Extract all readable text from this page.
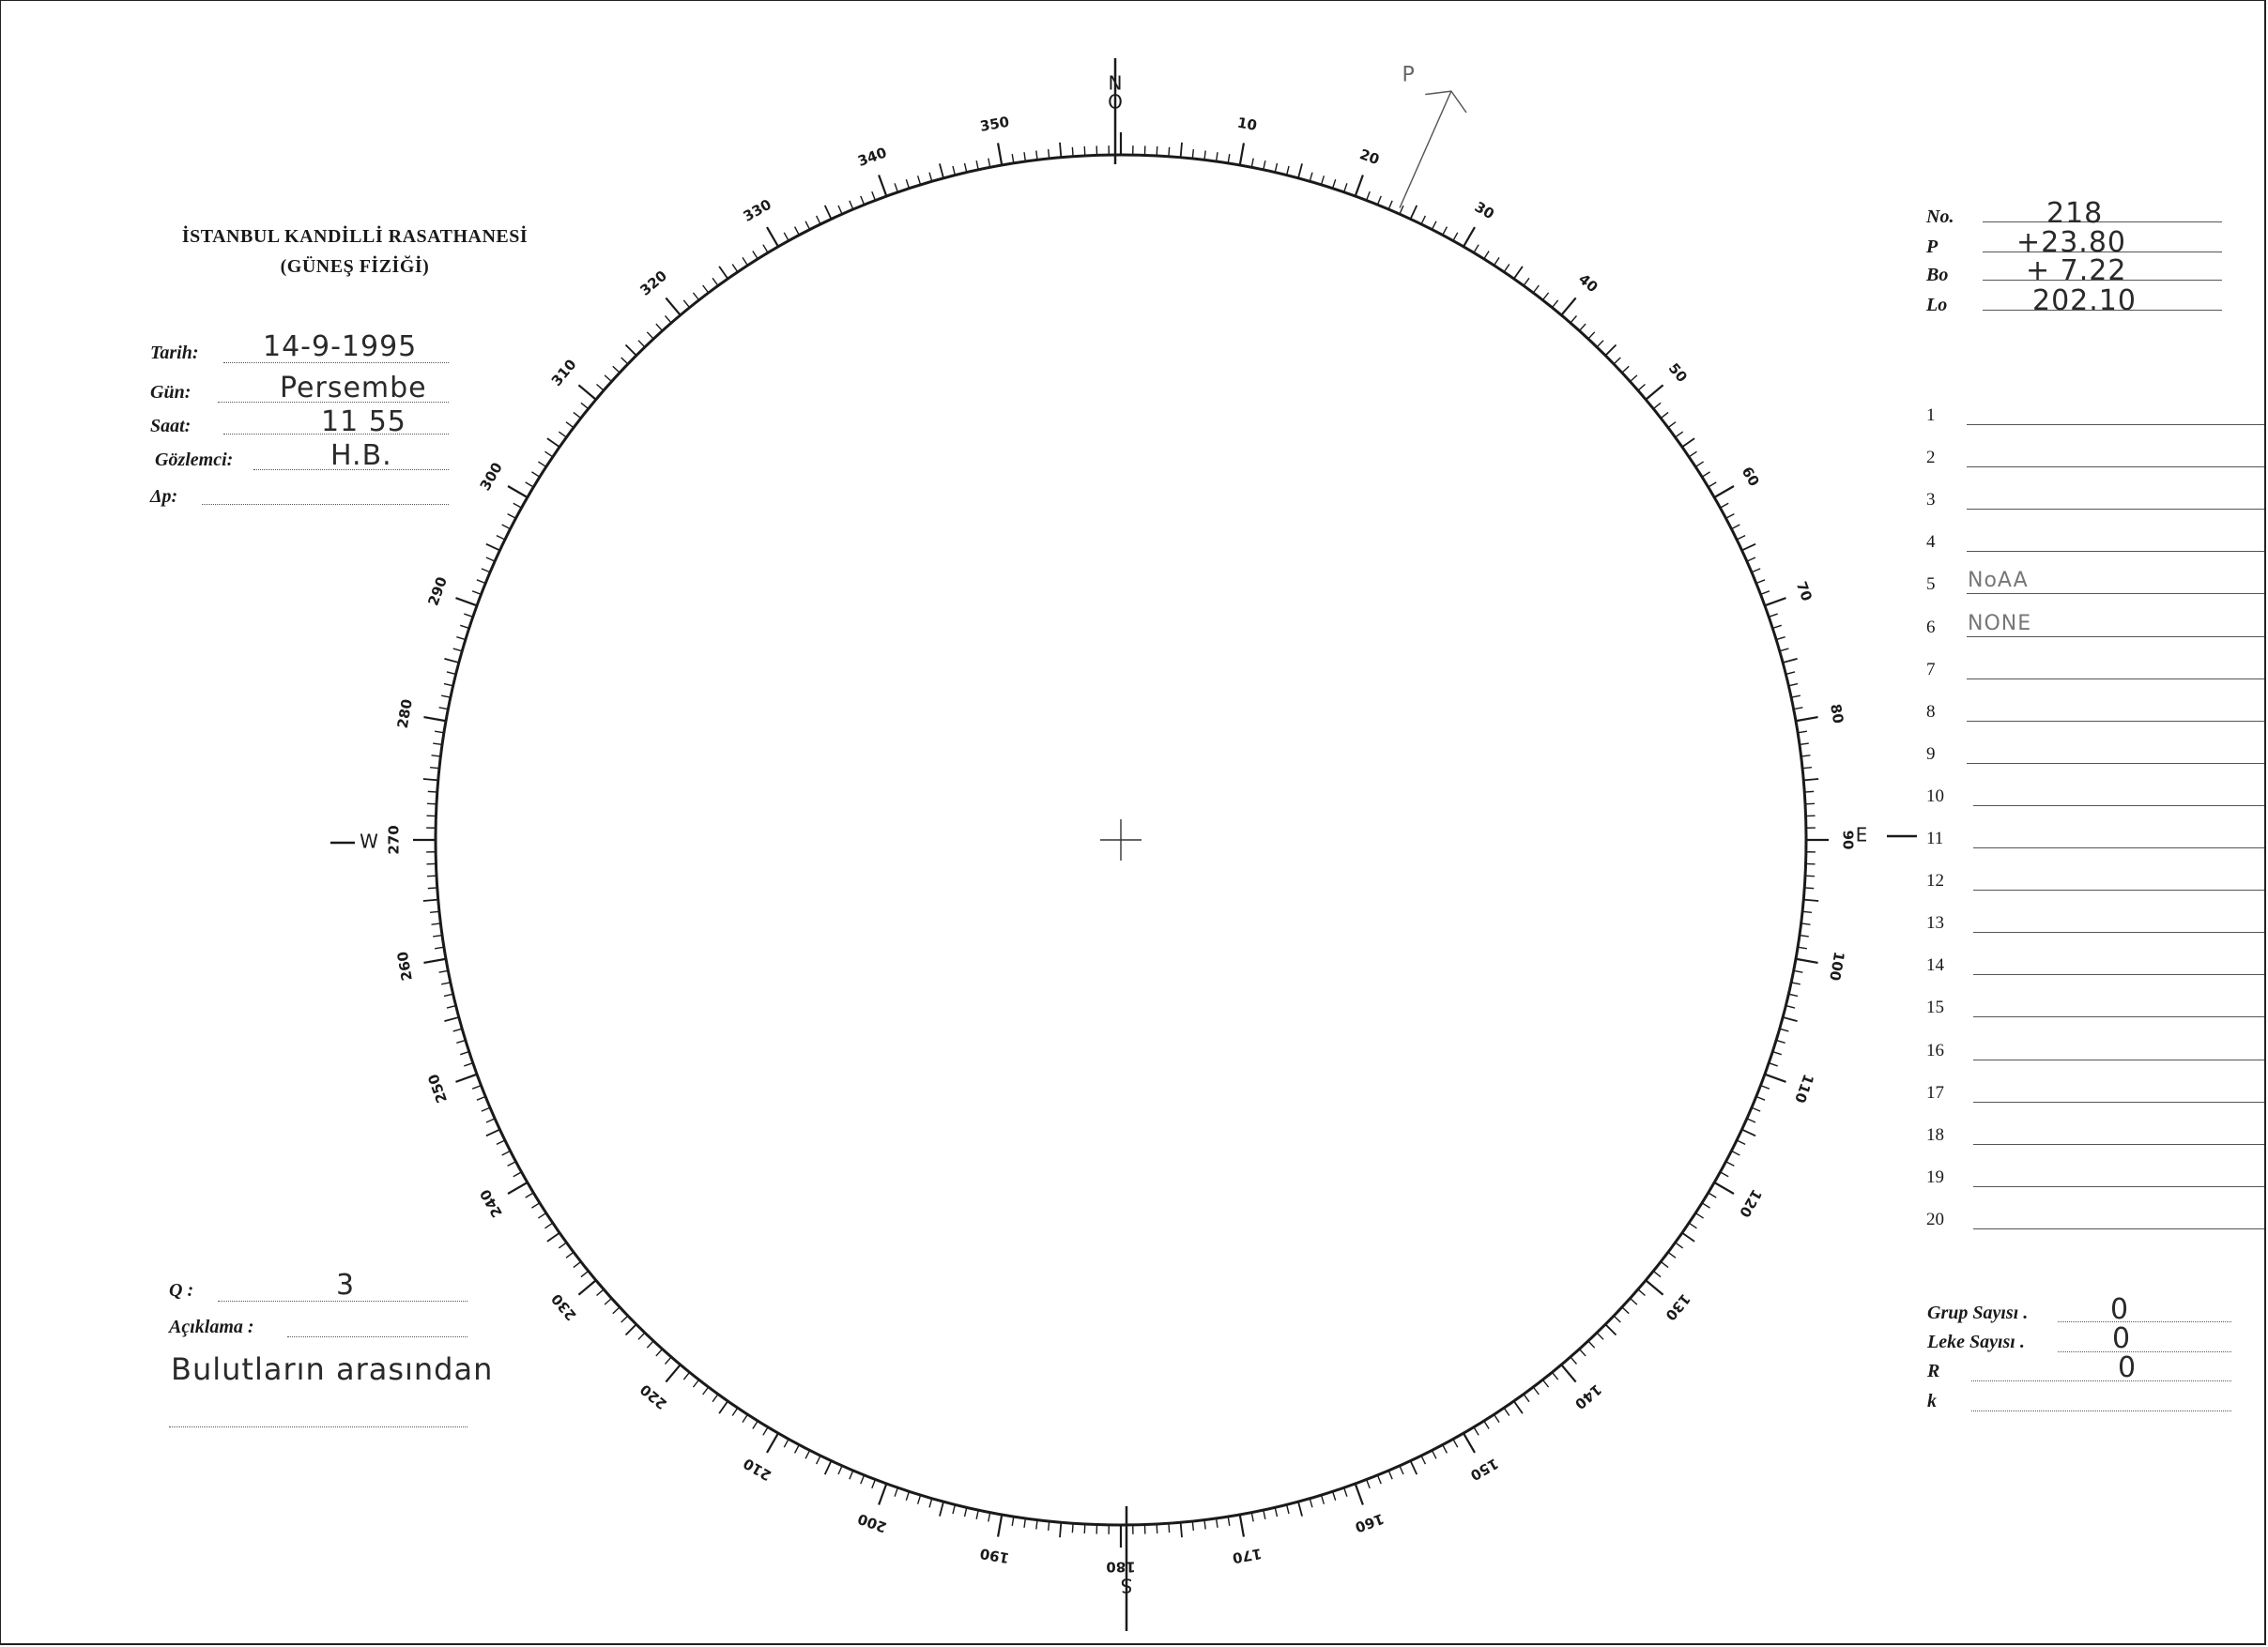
10
20
30
40
50
60
70
80
90
100
110
120
130
140
150
160
170
180
190
200
210
220
230
240
250
260
270
280
290
300
310
320
330
340
350
N
O
S
E
W
P
İSTANBUL KANDİLLİ RASATHANESİ
(GÜNEŞ FİZİĞİ)
Tarih: 14-9-1995
Gün:	Persembe
Saat:	11 55
Gözlemci:	H.B.
Δp:
No.	218
P	+23.80
Bo	+ 7.22
Lo	202.10
1
2
3
4
5	NoAA
6	NONE
7
8
9
10
11
12
13
14
15
16
17
18
19
20
Q :	3
Açıklama :
Bulutların arasından
Grup Sayısı .	0
Leke Sayısı .	0
R	0
k
